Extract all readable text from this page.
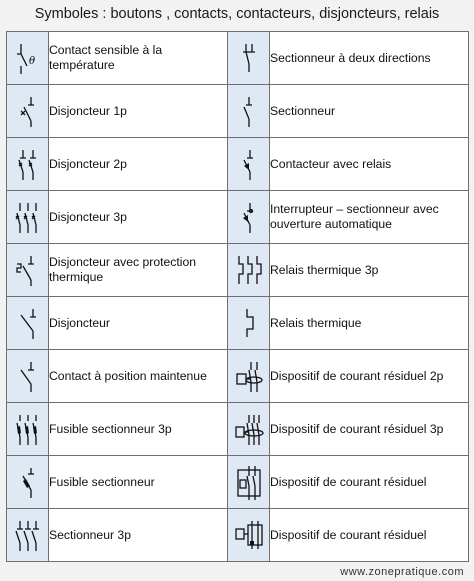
Symboles : boutons , contacts, contacteurs, disjoncteurs, relais
θ	Contact sensible à la température		Sectionneur à deux directions

	Disjoncteur 1p		Sectionneur

	Disjoncteur 2p		Contacteur avec relais

	Disjoncteur 3p		Interrupteur – sectionneur avec ouverture automatique

	Disjoncteur avec protection thermique		Relais thermique 3p

	Disjoncteur		Relais thermique

	Contact à position maintenue		Dispositif de courant résiduel 2p

	Fusible sectionneur 3p		Dispositif de courant résiduel 3p

	Fusible sectionneur		Dispositif de courant résiduel

	Sectionneur 3p		Dispositif de courant résiduel
www.zonepratique.com
